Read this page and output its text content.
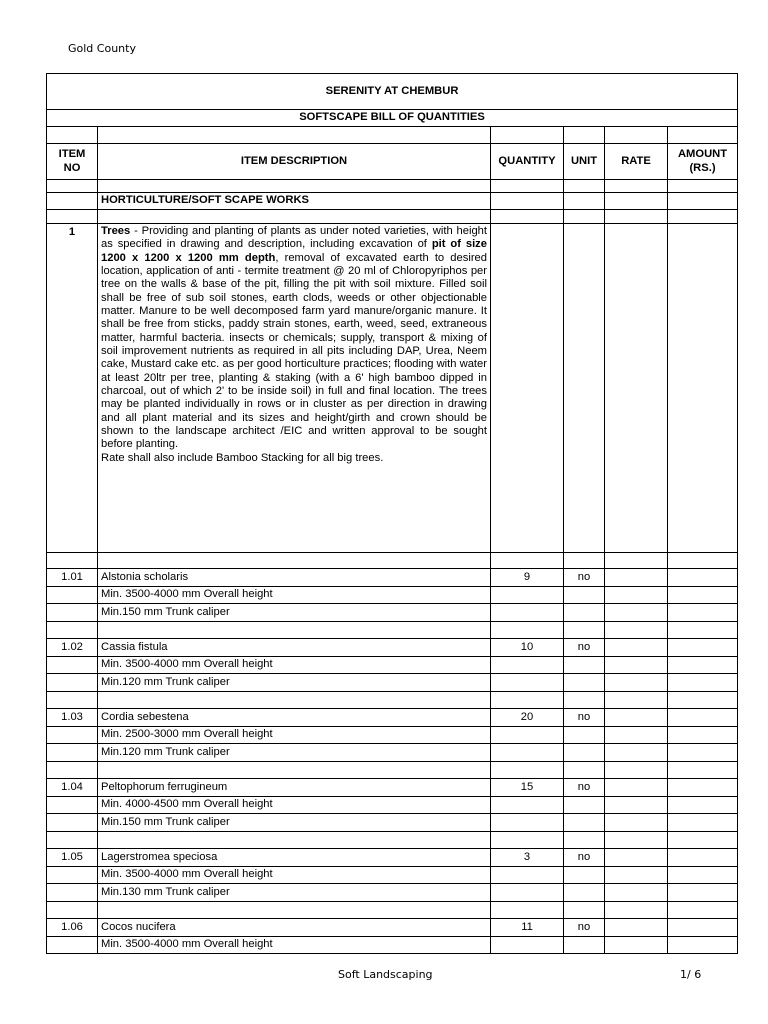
Gold County
SERENITY AT CHEMBUR					
SOFTSCAPE BILL OF QUANTITIES					

ITEM NO	ITEM DESCRIPTION	QUANTITY	UNIT	RATE	AMOUNT (RS.)

	HORTICULTURE/SOFT SCAPE WORKS				

1	Trees - Providing and planting of plants as under noted varieties, with height as specified in drawing and description, including excavation of pit of size 1200 x 1200 x 1200 mm depth, removal of excavated earth to desired location, application of anti - termite treatment @ 20 ml of Chloropyriphos per tree on the walls & base of the pit, filling the pit with soil mixture. Filled soil shall be free of sub soil stones, earth clods, weeds or other objectionable matter. Manure to be well decomposed farm yard manure/organic manure. It shall be free from sticks, paddy strain stones, earth, weed, seed, extraneous matter, harmful bacteria. insects or chemicals; supply, transport & mixing of soil improvement nutrients as required in all pits including DAP, Urea, Neem cake, Mustard cake etc. as per good horticulture practices; flooding with water at least 20ltr per tree, planting & staking (with a 6' high bamboo dipped in charcoal, out of which 2' to be inside soil) in full and final location. The trees may be planted individually in rows or in cluster as per direction in drawing and all plant material and its sizes and height/girth and crown should be shown to the landscape architect /EIC and written approval to be sought before planting.
Rate shall also include Bamboo Stacking for all big trees.				

1.01	Alstonia scholaris	9	no		
	Min. 3500-4000 mm Overall height				
	Min.150 mm Trunk caliper				

1.02	Cassia fistula	10	no		
	Min. 3500-4000 mm Overall height				
	Min.120 mm Trunk caliper				

1.03	Cordia sebestena	20	no		
	Min. 2500-3000 mm Overall height				
	Min.120 mm Trunk caliper				

1.04	Peltophorum ferrugineum	15	no		
	Min. 4000-4500 mm Overall height				
	Min.150 mm Trunk caliper				

1.05	Lagerstromea speciosa	3	no		
	Min. 3500-4000 mm Overall height				
	Min.130 mm Trunk caliper				

1.06	Cocos nucifera	11	no		
	Min. 3500-4000 mm Overall height				
Soft Landscaping	1/ 6
